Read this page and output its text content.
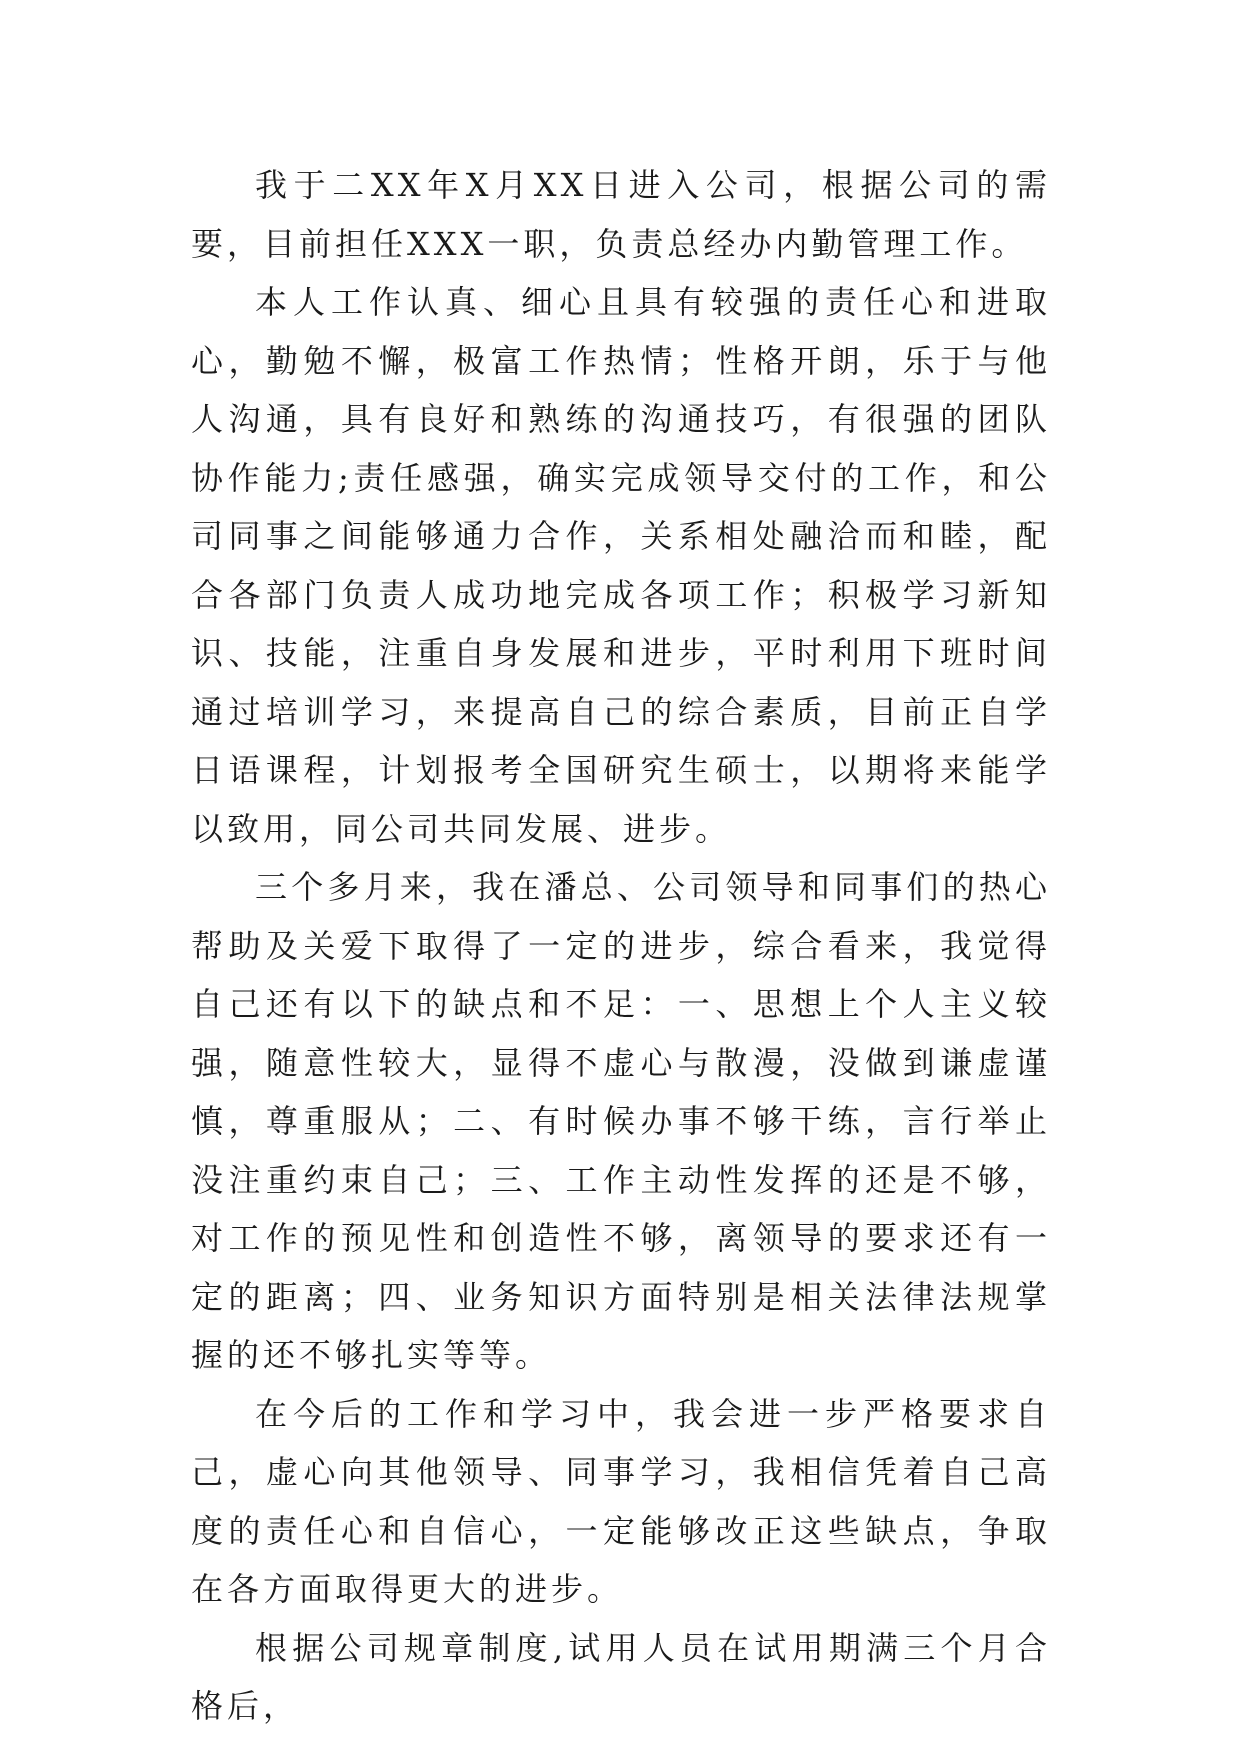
我于二XX年X月XX日进入公司，根据公司的需要，目前担任XXX一职，负责总经办内勤管理工作。

本人工作认真、细心且具有较强的责任心和进取心，勤勉不懈，极富工作热情；性格开朗，乐于与他人沟通，具有良好和熟练的沟通技巧，有很强的团队协作能力;责任感强，确实完成领导交付的工作，和公司同事之间能够通力合作，关系相处融洽而和睦，配合各部门负责人成功地完成各项工作；积极学习新知识、技能，注重自身发展和进步，平时利用下班时间通过培训学习，来提高自己的综合素质，目前正自学日语课程，计划报考全国研究生硕士，以期将来能学以致用，同公司共同发展、进步。

三个多月来，我在潘总、公司领导和同事们的热心帮助及关爱下取得了一定的进步，综合看来，我觉得自己还有以下的缺点和不足：一、思想上个人主义较强，随意性较大，显得不虚心与散漫，没做到谦虚谨慎，尊重服从；二、有时候办事不够干练，言行举止没注重约束自己；三、工作主动性发挥的还是不够，对工作的预见性和创造性不够，离领导的要求还有一定的距离；四、业务知识方面特别是相关法律法规掌握的还不够扎实等等。

在今后的工作和学习中，我会进一步严格要求自己，虚心向其他领导、同事学习，我相信凭着自己高度的责任心和自信心，一定能够改正这些缺点，争取在各方面取得更大的进步。

根据公司规章制度,试用人员在试用期满三个月合格后，
